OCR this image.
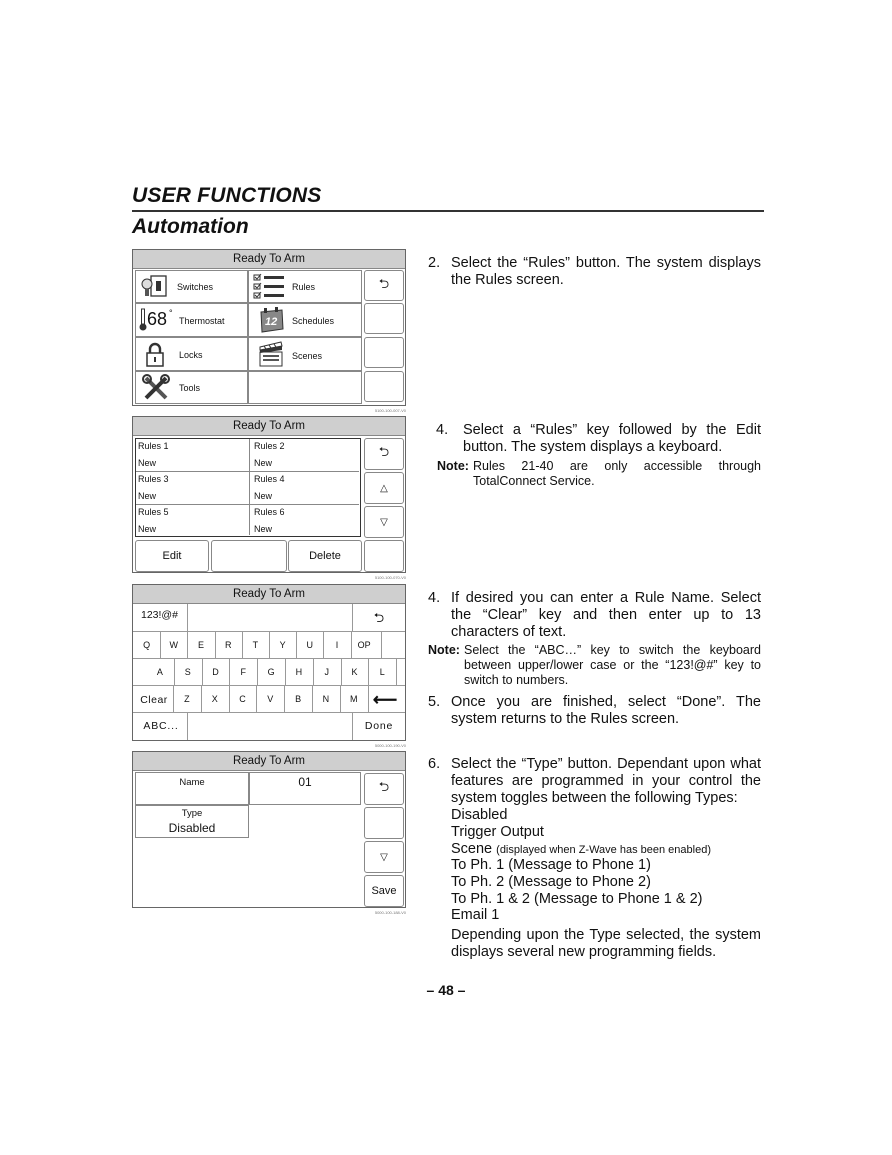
USER FUNCTIONS
Automation
Ready To Arm
Switches	Rules	⮌
68 °
Thermostat	12 Schedules
Locks	Scenes
Tools
5100-100-007-V0
Ready To Arm
Rules 1
New
Rules 2
New
Rules 3
New
Rules 4
New
Rules 5
New
Rules 6
New
⮌
△
▽
Edit	Delete
5100-100-070-V0
Ready To Arm
123!@#	⮌
Q	W	E	R	T	Y	U	I	OP
A	S	D	F	G	H	J	K	L
Clear	Z	X	C	V	B	N	M ⟵
ABC...	Done
5000-100-190-V0
Ready To Arm
Name	01	⮌
Type
Disabled
▽
Save
5000-100-188-V0
2. Select the “Rules” button. The system displays the Rules screen.
4. Select a “Rules” key followed by the Edit button. The system displays a keyboard.
Note: Rules 21-40 are only accessible through TotalConnect Service.
4. If desired you can enter a Rule Name. Select the “Clear” key and then enter up to 13 characters of text.
Note: Select the “ABC…” key to switch the keyboard between upper/lower case or the “123!@#” key to switch to numbers.
5. Once you are finished, select “Done”. The system returns to the Rules screen.
6. Select the “Type” button. Dependant upon what features are programmed in your control the system toggles between the following Types:
Disabled
Trigger Output
Scene (displayed when Z-Wave has been enabled)
To Ph. 1 (Message to Phone 1)
To Ph. 2 (Message to Phone 2)
To Ph. 1 & 2 (Message to Phone 1 & 2)
Email 1
Depending upon the Type selected, the system displays several new programming fields.
– 48 –
